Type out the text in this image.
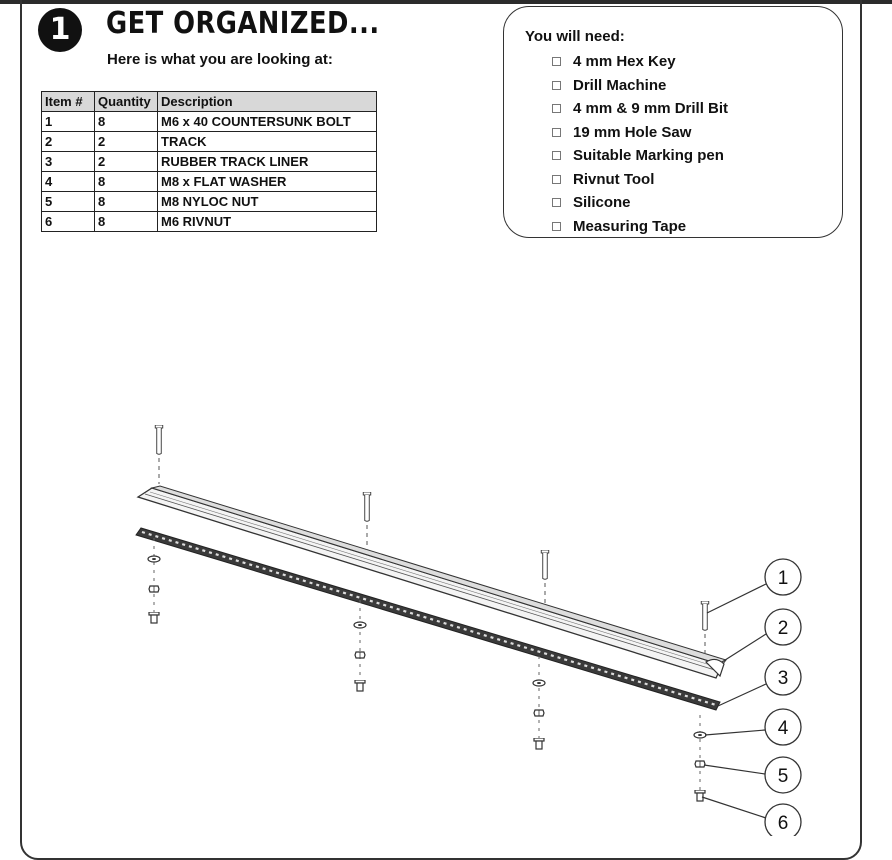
1	GET ORGANIZED...
Here is what you are looking at:
Item #	Quantity	Description
1	8	M6 x 40 COUNTERSUNK BOLT
2	2	TRACK
3	2	RUBBER TRACK LINER
4	8	M8 x FLAT WASHER
5	8	M8 NYLOC NUT
6	8	M6 RIVNUT
You will need:
4 mm Hex Key
Drill Machine
4 mm & 9 mm Drill Bit
19 mm Hole Saw
Suitable Marking pen
Rivnut Tool
Silicone
Measuring Tape
1
2
3
4
5
6
